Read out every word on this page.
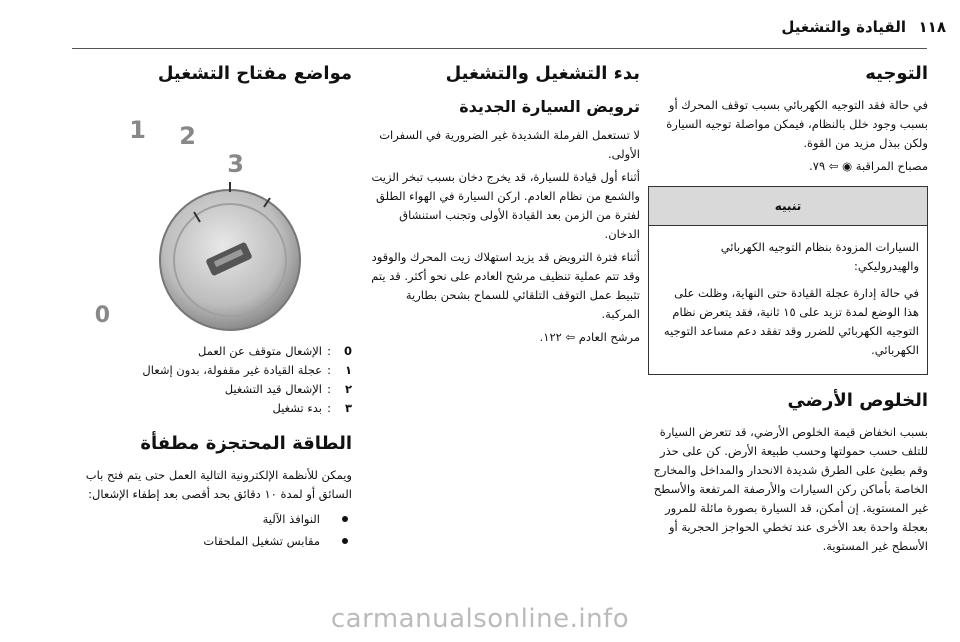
القيادة والتشغيل ١١٨
التوجيه

في حالة فقد التوجيه الكهربائي بسبب توقف المحرك أو بسبب وجود خلل بالنظام، فيمكن مواصلة توجيه السيارة ولكن ببذل مزيد من القوة.

مصباح المراقبة ◉ ⇦ ٧٩.

تنبيه

السيارات المزودة بنظام التوجيه الكهربائي والهيدروليكي:

في حالة إدارة عجلة القيادة حتى النهاية، وظلت على هذا الوضع لمدة تزيد على ١٥ ثانية، فقد يتعرض نظام التوجيه الكهربائي للضرر وقد تفقد دعم مساعد التوجيه الكهربائي.

الخلوص الأرضي

بسبب انخفاض قيمة الخلوص الأرضي، قد تتعرض السيارة للتلف حسب حمولتها وحسب طبيعة الأرض. كن على حذر وقم بطيئ على الطرق شديدة الانحدار والمداخل والمخارج الخاصة بأماكن ركن السيارات والأرصفة المرتفعة والأسطح غير المستوية. إن أمكن، قد السيارة بصورة مائلة للمرور بعجلة واحدة بعد الأخرى عند تخطي الحواجز الحجرية أو الأسطح غير المستوية.

بدء التشغيل والتشغيل
ترويض السيارة الجديدة

لا تستعمل الفرملة الشديدة غير الضرورية في السفرات الأولى.

أثناء أول قيادة للسيارة، قد يخرج دخان بسبب تبخر الزيت والشمع من نظام العادم. اركن السيارة في الهواء الطلق لفترة من الزمن بعد القيادة الأولى وتجنب استنشاق الدخان.

أثناء فترة الترويض قد يزيد استهلاك زيت المحرك والوقود وقد تتم عملية تنظيف مرشح العادم على نحو أكثر. قد يتم تثبيط عمل التوقف التلقائي للسماح بشحن بطارية المركبة.

مرشح العادم ⇦ ١٢٢.

مواضع مفتاح التشغيل
0
1 2
3
0
:
الإشعال متوقف عن العمل
١
:
عجلة القيادة غير مقفولة، بدون إشعال
٢
:
الإشعال قيد التشغيل
٣
:
بدء تشغيل
الطاقة المحتجزة مطفأة

ويمكن للأنظمة الإلكترونية التالية العمل حتى يتم فتح باب السائق أو لمدة ١٠ دقائق بحد أقصى بعد إطفاء الإشعال:

النوافذ الآلية
مقابس تشغيل الملحقات
carmanualsonline.info
